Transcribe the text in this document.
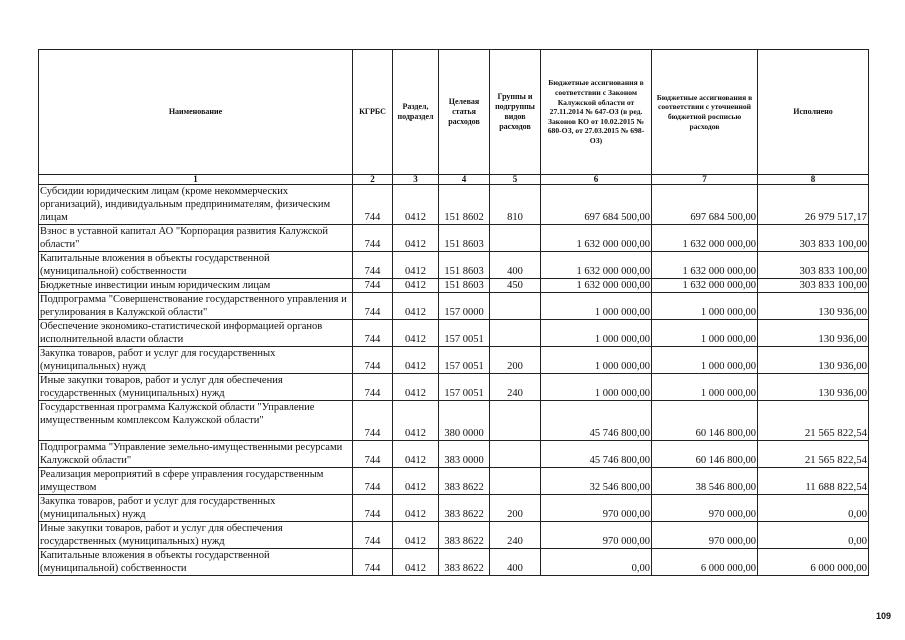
Наименование	КГРБС	Раздел, подраздел	Целевая статья расходов	Группы и подгруппы видов расходов	Бюджетные ассигнования в соответствии с Законом Калужской области от 27.11.2014 № 647-ОЗ (в ред. Законов КО от 10.02.2015 № 680-ОЗ, от 27.03.2015 № 698-ОЗ)	Бюджетные ассигнования в соответствии с уточненной бюджетной росписью расходов	Исполнено
1	2	3	4	5	6	7	8
Субсидии юридическим лицам (кроме некоммерческих организаций), индивидуальным предпринимателям, физическим лицам	744	0412	151 8602	810	697 684 500,00	697 684 500,00	26 979 517,17
Взнос в уставной капитал АО "Корпорация развития Калужской области"	744	0412	151 8603		1 632 000 000,00	1 632 000 000,00	303 833 100,00
Капитальные вложения в объекты государственной (муниципальной) собственности	744	0412	151 8603	400	1 632 000 000,00	1 632 000 000,00	303 833 100,00
Бюджетные инвестиции иным юридическим лицам	744	0412	151 8603	450	1 632 000 000,00	1 632 000 000,00	303 833 100,00
Подпрограмма "Совершенствование государственного управления и регулирования в Калужской области"	744	0412	157 0000		1 000 000,00	1 000 000,00	130 936,00
Обеспечение экономико-статистической информацией органов исполнительной власти области	744	0412	157 0051		1 000 000,00	1 000 000,00	130 936,00
Закупка товаров, работ и услуг для государственных (муниципальных) нужд	744	0412	157 0051	200	1 000 000,00	1 000 000,00	130 936,00
Иные закупки товаров, работ и услуг для обеспечения государственных (муниципальных) нужд	744	0412	157 0051	240	1 000 000,00	1 000 000,00	130 936,00
Государственная программа Калужской области "Управление имущественным комплексом Калужской области"	744	0412	380 0000		45 746 800,00	60 146 800,00	21 565 822,54
Подпрограмма "Управление земельно-имущественными ресурсами Калужской области"	744	0412	383 0000		45 746 800,00	60 146 800,00	21 565 822,54
Реализация мероприятий в сфере управления государственным имуществом	744	0412	383 8622		32 546 800,00	38 546 800,00	11 688 822,54
Закупка товаров, работ и услуг для государственных (муниципальных) нужд	744	0412	383 8622	200	970 000,00	970 000,00	0,00
Иные закупки товаров, работ и услуг для обеспечения государственных (муниципальных) нужд	744	0412	383 8622	240	970 000,00	970 000,00	0,00
Капитальные вложения в объекты государственной (муниципальной) собственности	744	0412	383 8622	400	0,00	6 000 000,00	6 000 000,00
109
